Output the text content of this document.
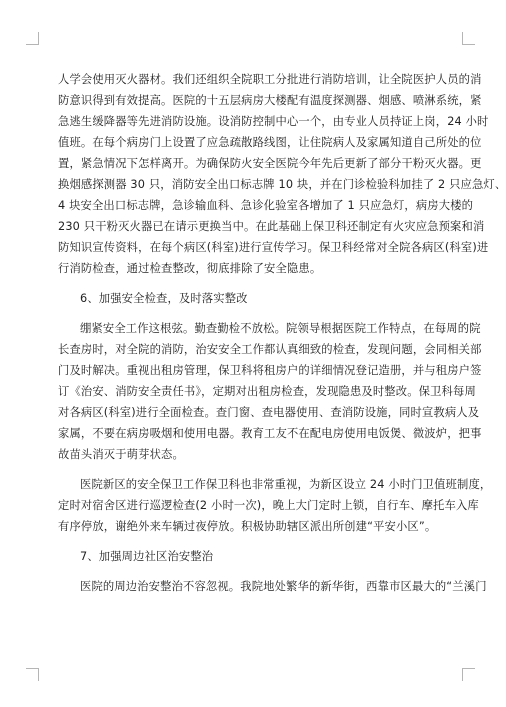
人学会使用灭火器材。我们还组织全院职工分批进行消防培训，让全院医护人员的消
防意识得到有效提高。医院的十五层病房大楼配有温度探测器、烟感、喷淋系统，紧
急逃生缓降器等先进消防设施。设消防控制中心一个，由专业人员持证上岗，24 小时
值班。在每个病房门上设置了应急疏散路线图，让住院病人及家属知道自己所处的位
置，紧急情况下怎样离开。为确保防火安全医院今年先后更新了部分干粉灭火器。更
换烟感探测器 30 只，消防安全出口标志牌 10 块，并在门诊检验科加挂了 2 只应急灯、
4 块安全出口标志牌，急诊输血科、急诊化验室各增加了 1 只应急灯，病房大楼的
230 只干粉灭火器已在请示更换当中。在此基础上保卫科还制定有火灾应急预案和消
防知识宣传资料，在每个病区(科室)进行宣传学习。保卫科经常对全院各病区(科室)进
行消防检查，通过检查整改，彻底排除了安全隐患。
6、加强安全检查，及时落实整改
绷紧安全工作这根弦。勤查勤检不放松。院领导根据医院工作特点，在每周的院
长查房时，对全院的消防，治安安全工作都认真细致的检查，发现问题，会同相关部
门及时解决。重视出租房管理，保卫科将租房户的详细情况登记造册，并与租房户签
订《治安、消防安全责任书》，定期对出租房检查，发现隐患及时整改。保卫科每周
对各病区(科室)进行全面检查。查门窗、查电器使用、查消防设施，同时宣教病人及
家属，不要在病房吸烟和使用电器。教育工友不在配电房使用电饭煲、微波炉，把事
故苗头消灭于萌芽状态。
医院新区的安全保卫工作保卫科也非常重视，为新区设立 24 小时门卫值班制度，
定时对宿舍区进行巡逻检查(2 小时一次)，晚上大门定时上锁，自行车、摩托车入库
有序停放，谢绝外来车辆过夜停放。积极协助辖区派出所创建“平安小区”。
7、加强周边社区治安整治
医院的周边治安整治不容忽视。我院地处繁华的新华街，西靠市区最大的“兰溪门
